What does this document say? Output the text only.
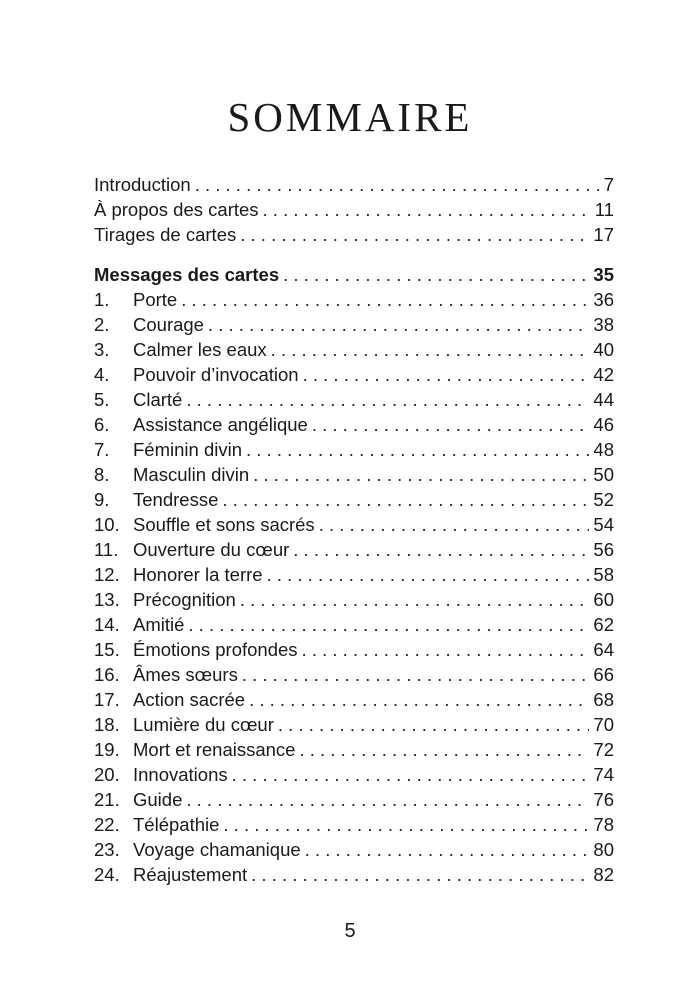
SOMMAIRE
Introduction . . .	7
À propos des cartes . . .	11
Tirages de cartes . . .	17
Messages des cartes . . .	35
1.	Porte . . .	36
2.	Courage . . .	38
3.	Calmer les eaux . . .	40
4.	Pouvoir d’invocation . . .	42
5.	Clarté . . .	44
6.	Assistance angélique . . .	46
7.	Féminin divin . . .	48
8.	Masculin divin . . .	50
9.	Tendresse . . .	52
10. Souffle et sons sacrés . . .	54
11. Ouverture du cœur . . .	56
12. Honorer la terre . . .	58
13. Précognition . . .	60
14. Amitié . . .	62
15. Émotions profondes . . .	64
16. Âmes sœurs . . .	66
17. Action sacrée . . .	68
18. Lumière du cœur . . .	70
19. Mort et renaissance . . .	72
20. Innovations . . .	74
21. Guide . . .	76
22. Télépathie . . .	78
23. Voyage chamanique . . .	80
24. Réajustement . . .	82
5
